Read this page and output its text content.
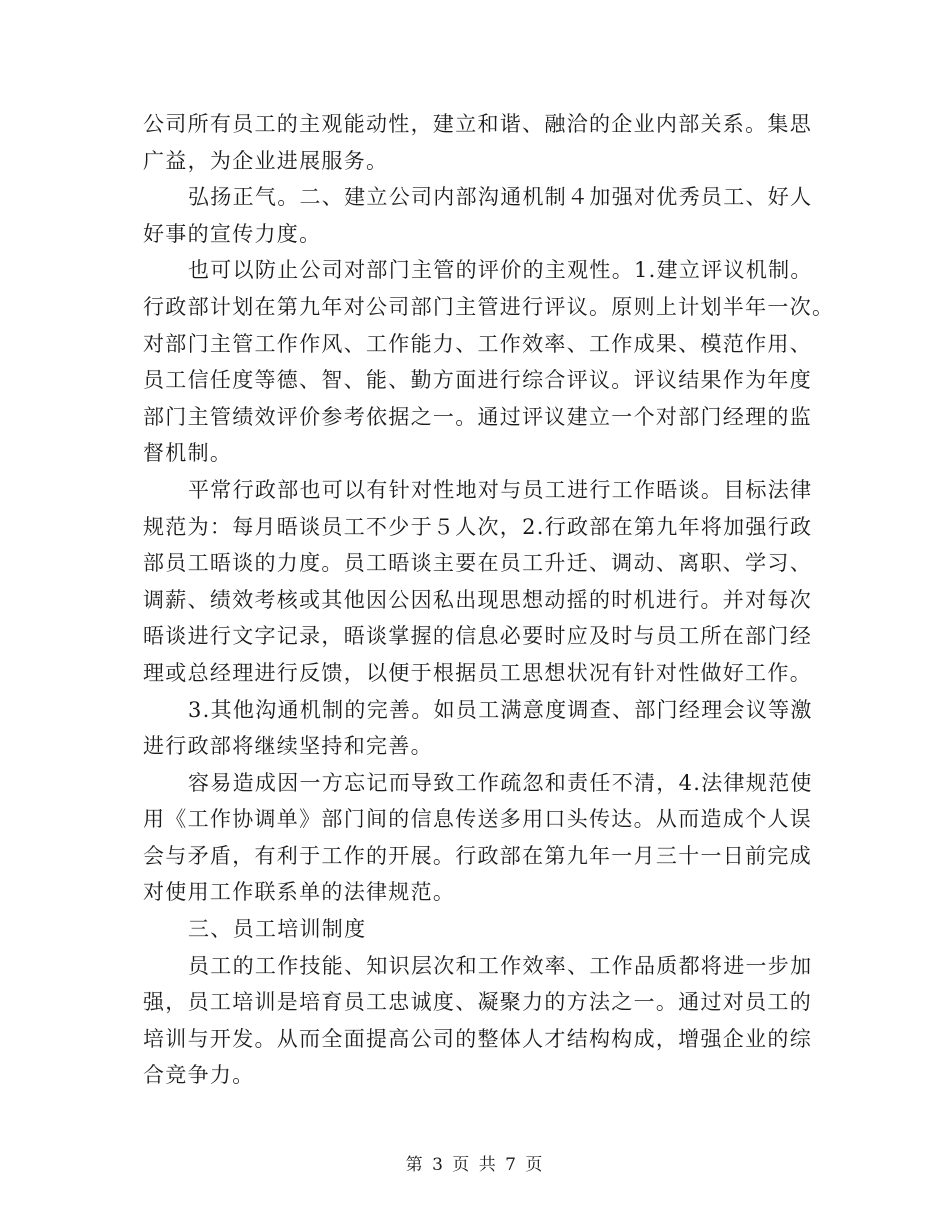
公司所有员工的主观能动性，建立和谐、融洽的企业内部关系。集思
广益，为企业进展服务。
弘扬正气。二、建立公司内部沟通机制４加强对优秀员工、好人
好事的宣传力度。
也可以防止公司对部门主管的评价的主观性。1.建立评议机制。
行政部计划在第九年对公司部门主管进行评议。原则上计划半年一次。
对部门主管工作作风、工作能力、工作效率、工作成果、模范作用、
员工信任度等德、智、能、勤方面进行综合评议。评议结果作为年度
部门主管绩效评价参考依据之一。通过评议建立一个对部门经理的监
督机制。
平常行政部也可以有针对性地对与员工进行工作晤谈。目标法律
规范为：每月晤谈员工不少于５人次，2.行政部在第九年将加强行政
部员工晤谈的力度。员工晤谈主要在员工升迁、调动、离职、学习、
调薪、绩效考核或其他因公因私出现思想动摇的时机进行。并对每次
晤谈进行文字记录，晤谈掌握的信息必要时应及时与员工所在部门经
理或总经理进行反馈，以便于根据员工思想状况有针对性做好工作。
3.其他沟通机制的完善。如员工满意度调查、部门经理会议等激
进行政部将继续坚持和完善。
容易造成因一方忘记而导致工作疏忽和责任不清，4.法律规范使
用《工作协调单》部门间的信息传送多用口头传达。从而造成个人误
会与矛盾，有利于工作的开展。行政部在第九年一月三十一日前完成
对使用工作联系单的法律规范。
三、员工培训制度
员工的工作技能、知识层次和工作效率、工作品质都将进一步加
强，员工培训是培育员工忠诚度、凝聚力的方法之一。通过对员工的
培训与开发。从而全面提高公司的整体人才结构构成，增强企业的综
合竞争力。
第 3 页 共 7 页
